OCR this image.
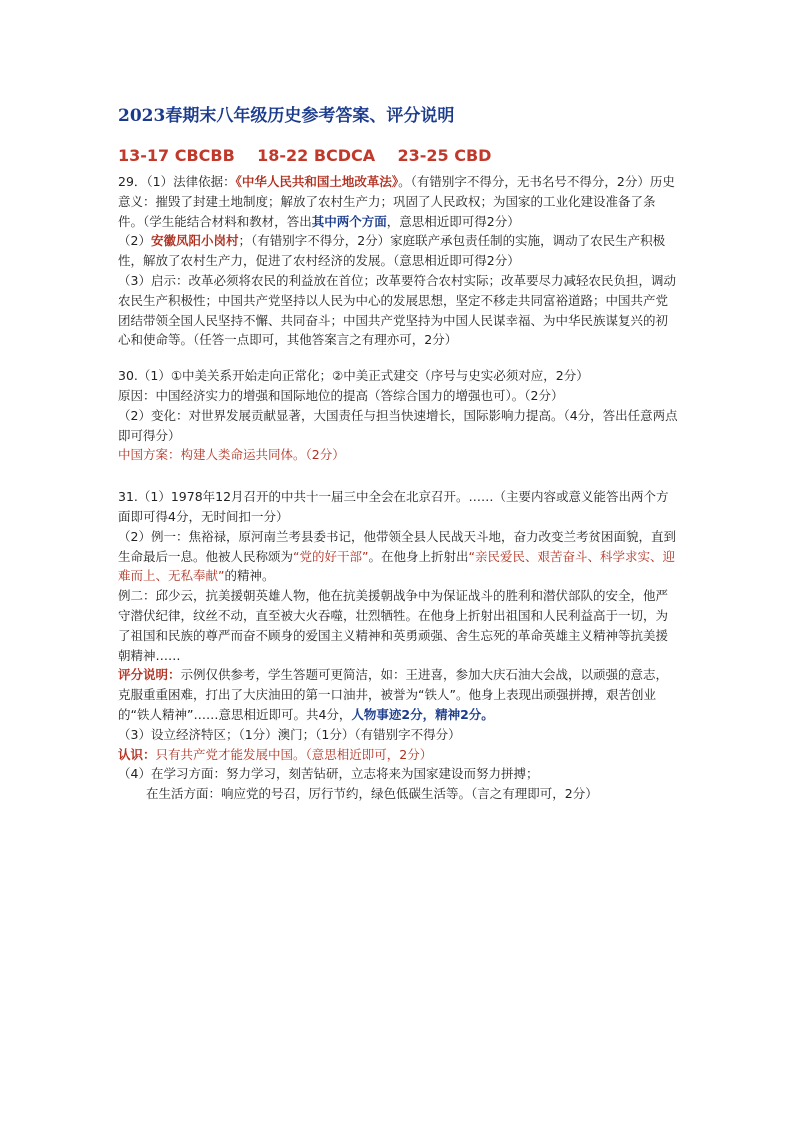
2023春期末八年级历史参考答案、评分说明

13-17 CBCBB    18-22 BCDCA    23-25 CBD

29．（1）法律依据：《中华人民共和国土地改革法》。（有错别字不得分，无书名号不得分，2分）历史意义：摧毁了封建土地制度；解放了农村生产力；巩固了人民政权；为国家的工业化建设准备了条件。（学生能结合材料和教材，答出其中两个方面，意思相近即可得2分）

（2）安徽凤阳小岗村；（有错别字不得分，2分）家庭联产承包责任制的实施，调动了农民生产积极性，解放了农村生产力，促进了农村经济的发展。（意思相近即可得2分）

（3）启示：改革必须将农民的利益放在首位；改革要符合农村实际；改革要尽力减轻农民负担，调动农民生产积极性；中国共产党坚持以人民为中心的发展思想，坚定不移走共同富裕道路；中国共产党团结带领全国人民坚持不懈、共同奋斗；中国共产党坚持为中国人民谋幸福、为中华民族谋复兴的初心和使命等。（任答一点即可，其他答案言之有理亦可，2分）

30.（1）①中美关系开始走向正常化；②中美正式建交（序号与史实必须对应，2分）

原因：中国经济实力的增强和国际地位的提高（答综合国力的增强也可）。（2分）

（2）变化：对世界发展贡献显著，大国责任与担当快速增长，国际影响力提高。（4分，答出任意两点即可得分）

中国方案：构建人类命运共同体。（2分）

31.（1）1978年12月召开的中共十一届三中全会在北京召开。……（主要内容或意义能答出两个方面即可得4分，无时间扣一分）

（2）例一：焦裕禄，原河南兰考县委书记，他带领全县人民战天斗地，奋力改变兰考贫困面貌，直到生命最后一息。他被人民称颂为“党的好干部”。在他身上折射出“亲民爱民、艰苦奋斗、科学求实、迎难而上、无私奉献”的精神。

例二：邱少云，抗美援朝英雄人物，他在抗美援朝战争中为保证战斗的胜利和潜伏部队的安全，他严守潜伏纪律，纹丝不动，直至被大火吞噬，壮烈牺牲。在他身上折射出祖国和人民利益高于一切，为了祖国和民族的尊严而奋不顾身的爱国主义精神和英勇顽强、舍生忘死的革命英雄主义精神等抗美援朝精神……

评分说明：示例仅供参考，学生答题可更简洁，如：王进喜，参加大庆石油大会战，以顽强的意志，克服重重困难，打出了大庆油田的第一口油井，被誉为“铁人”。他身上表现出顽强拼搏，艰苦创业的“铁人精神”……意思相近即可。共4分，人物事迹2分，精神2分。

（3）设立经济特区；（1分）澳门；（1分）（有错别字不得分）

认识：只有共产党才能发展中国。（意思相近即可，2分）

（4）在学习方面：努力学习，刻苦钻研，立志将来为国家建设而努力拼搏；

在生活方面：响应党的号召，厉行节约，绿色低碳生活等。（言之有理即可，2分）
